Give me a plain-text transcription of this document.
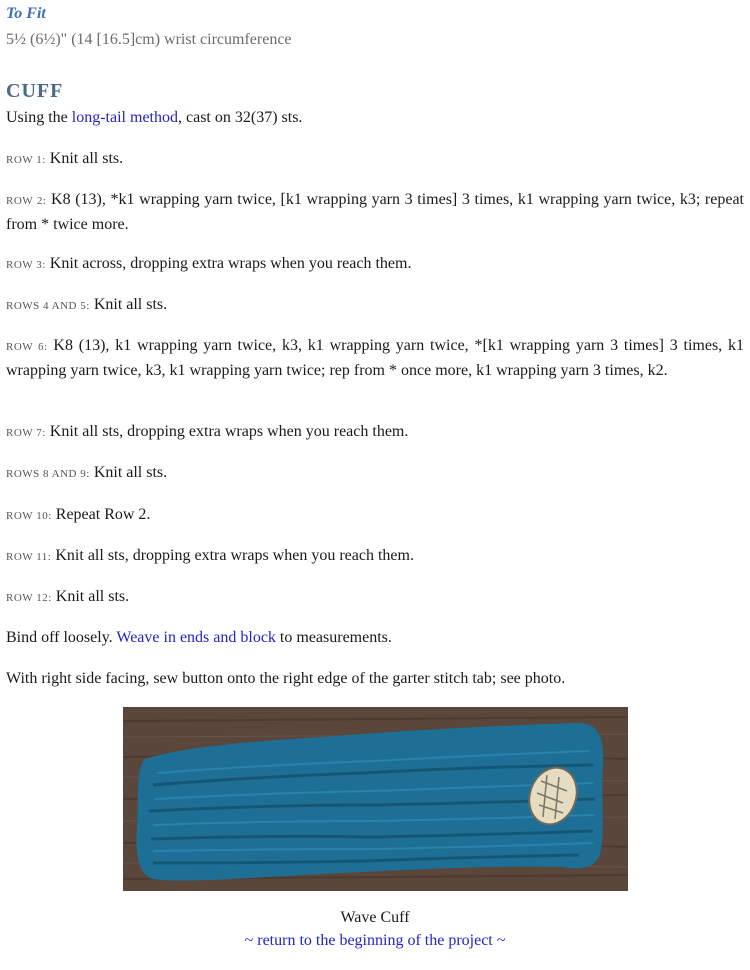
To Fit
5½ (6½)" (14 [16.5]cm) wrist circumference
CUFF
Using the long-tail method, cast on 32(37) sts.
ROW 1: Knit all sts.
ROW 2: K8 (13), *k1 wrapping yarn twice, [k1 wrapping yarn 3 times] 3 times, k1 wrapping yarn twice, k3; repeat from * twice more.
ROW 3: Knit across, dropping extra wraps when you reach them.
ROWS 4 AND 5: Knit all sts.
ROW 6: K8 (13), k1 wrapping yarn twice, k3, k1 wrapping yarn twice, *[k1 wrapping yarn 3 times] 3 times, k1 wrapping yarn twice, k3, k1 wrapping yarn twice; rep from * once more, k1 wrapping yarn 3 times, k2.
ROW 7: Knit all sts, dropping extra wraps when you reach them.
ROWS 8 AND 9: Knit all sts.
ROW 10: Repeat Row 2.
ROW 11: Knit all sts, dropping extra wraps when you reach them.
ROW 12: Knit all sts.
Bind off loosely. Weave in ends and block to measurements.
With right side facing, sew button onto the right edge of the garter stitch tab; see photo.
Wave Cuff
~ return to the beginning of the project ~
